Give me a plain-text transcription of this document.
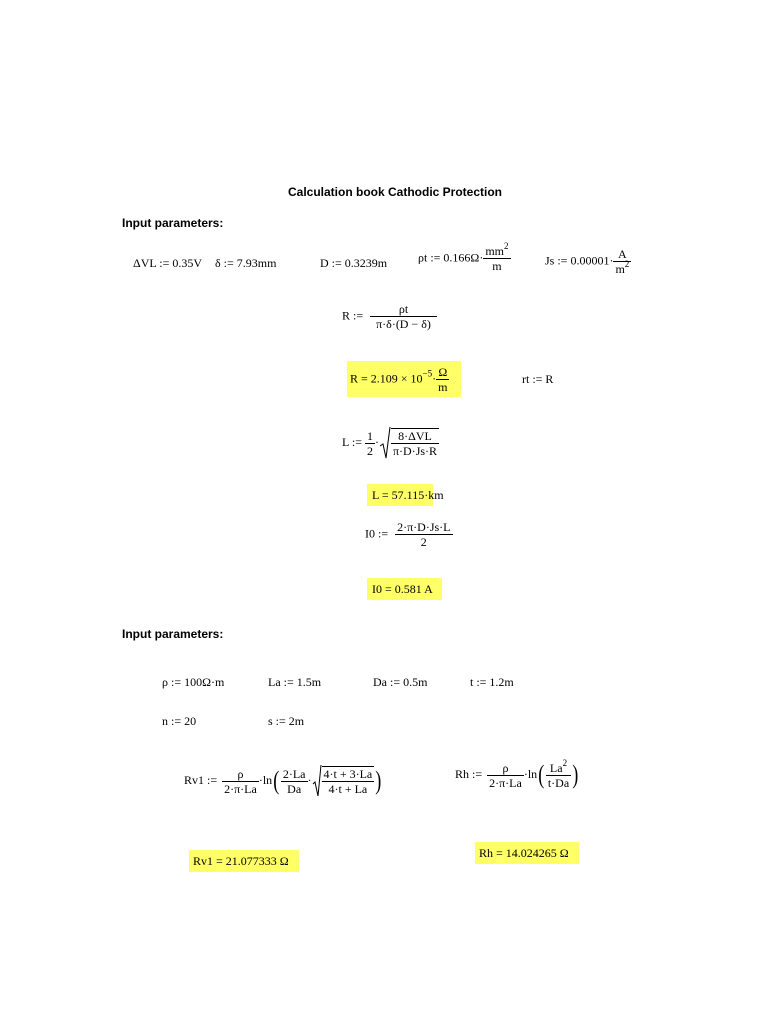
Calculation book Cathodic Protection
Input parameters:
ΔVL := 0.35V δ := 7.93mm	D := 0.3239m	ρt := $0.166\Omega\cdot \frac{mm^2}{m}$	Js := $0.00001\cdot \frac{A}{m^2}$
R := $\frac{\rho t}{\pi\cdot\delta\cdot(D - \delta)}$
$R = 2.109 \times 10^{-5}\cdot \frac{\Omega}{m}$	rt := R
L := $\frac{1}{2} \cdot \frac{\text{8·ΔVL}}{\pi\cdot D\cdot Js\cdot R}$
L = 57.115·km
I0 := $\frac{2\cdot\pi\cdot D\cdot Js\cdot L}{2}$
I0 = 0.581 A
Input parameters:
ρ := 100Ω·m	La := 1.5m	Da := 0.5m	t := 1.2m
n := 20	s := 2m
Rv1 := $\frac{\rho}{2\cdot\pi\cdot La} \cdot\ln( \frac{2\cdot La}{Da} \cdot \frac{4\cdot t + 3\cdot La}{4\cdot t + La}$ )	Rh := $\frac{\rho}{2\cdot\pi\cdot La} \cdot\ln( \frac{La^2}{t\cdot Da}$ )
Rv1 = 21.077333 Ω
Rh = 14.024265 Ω
